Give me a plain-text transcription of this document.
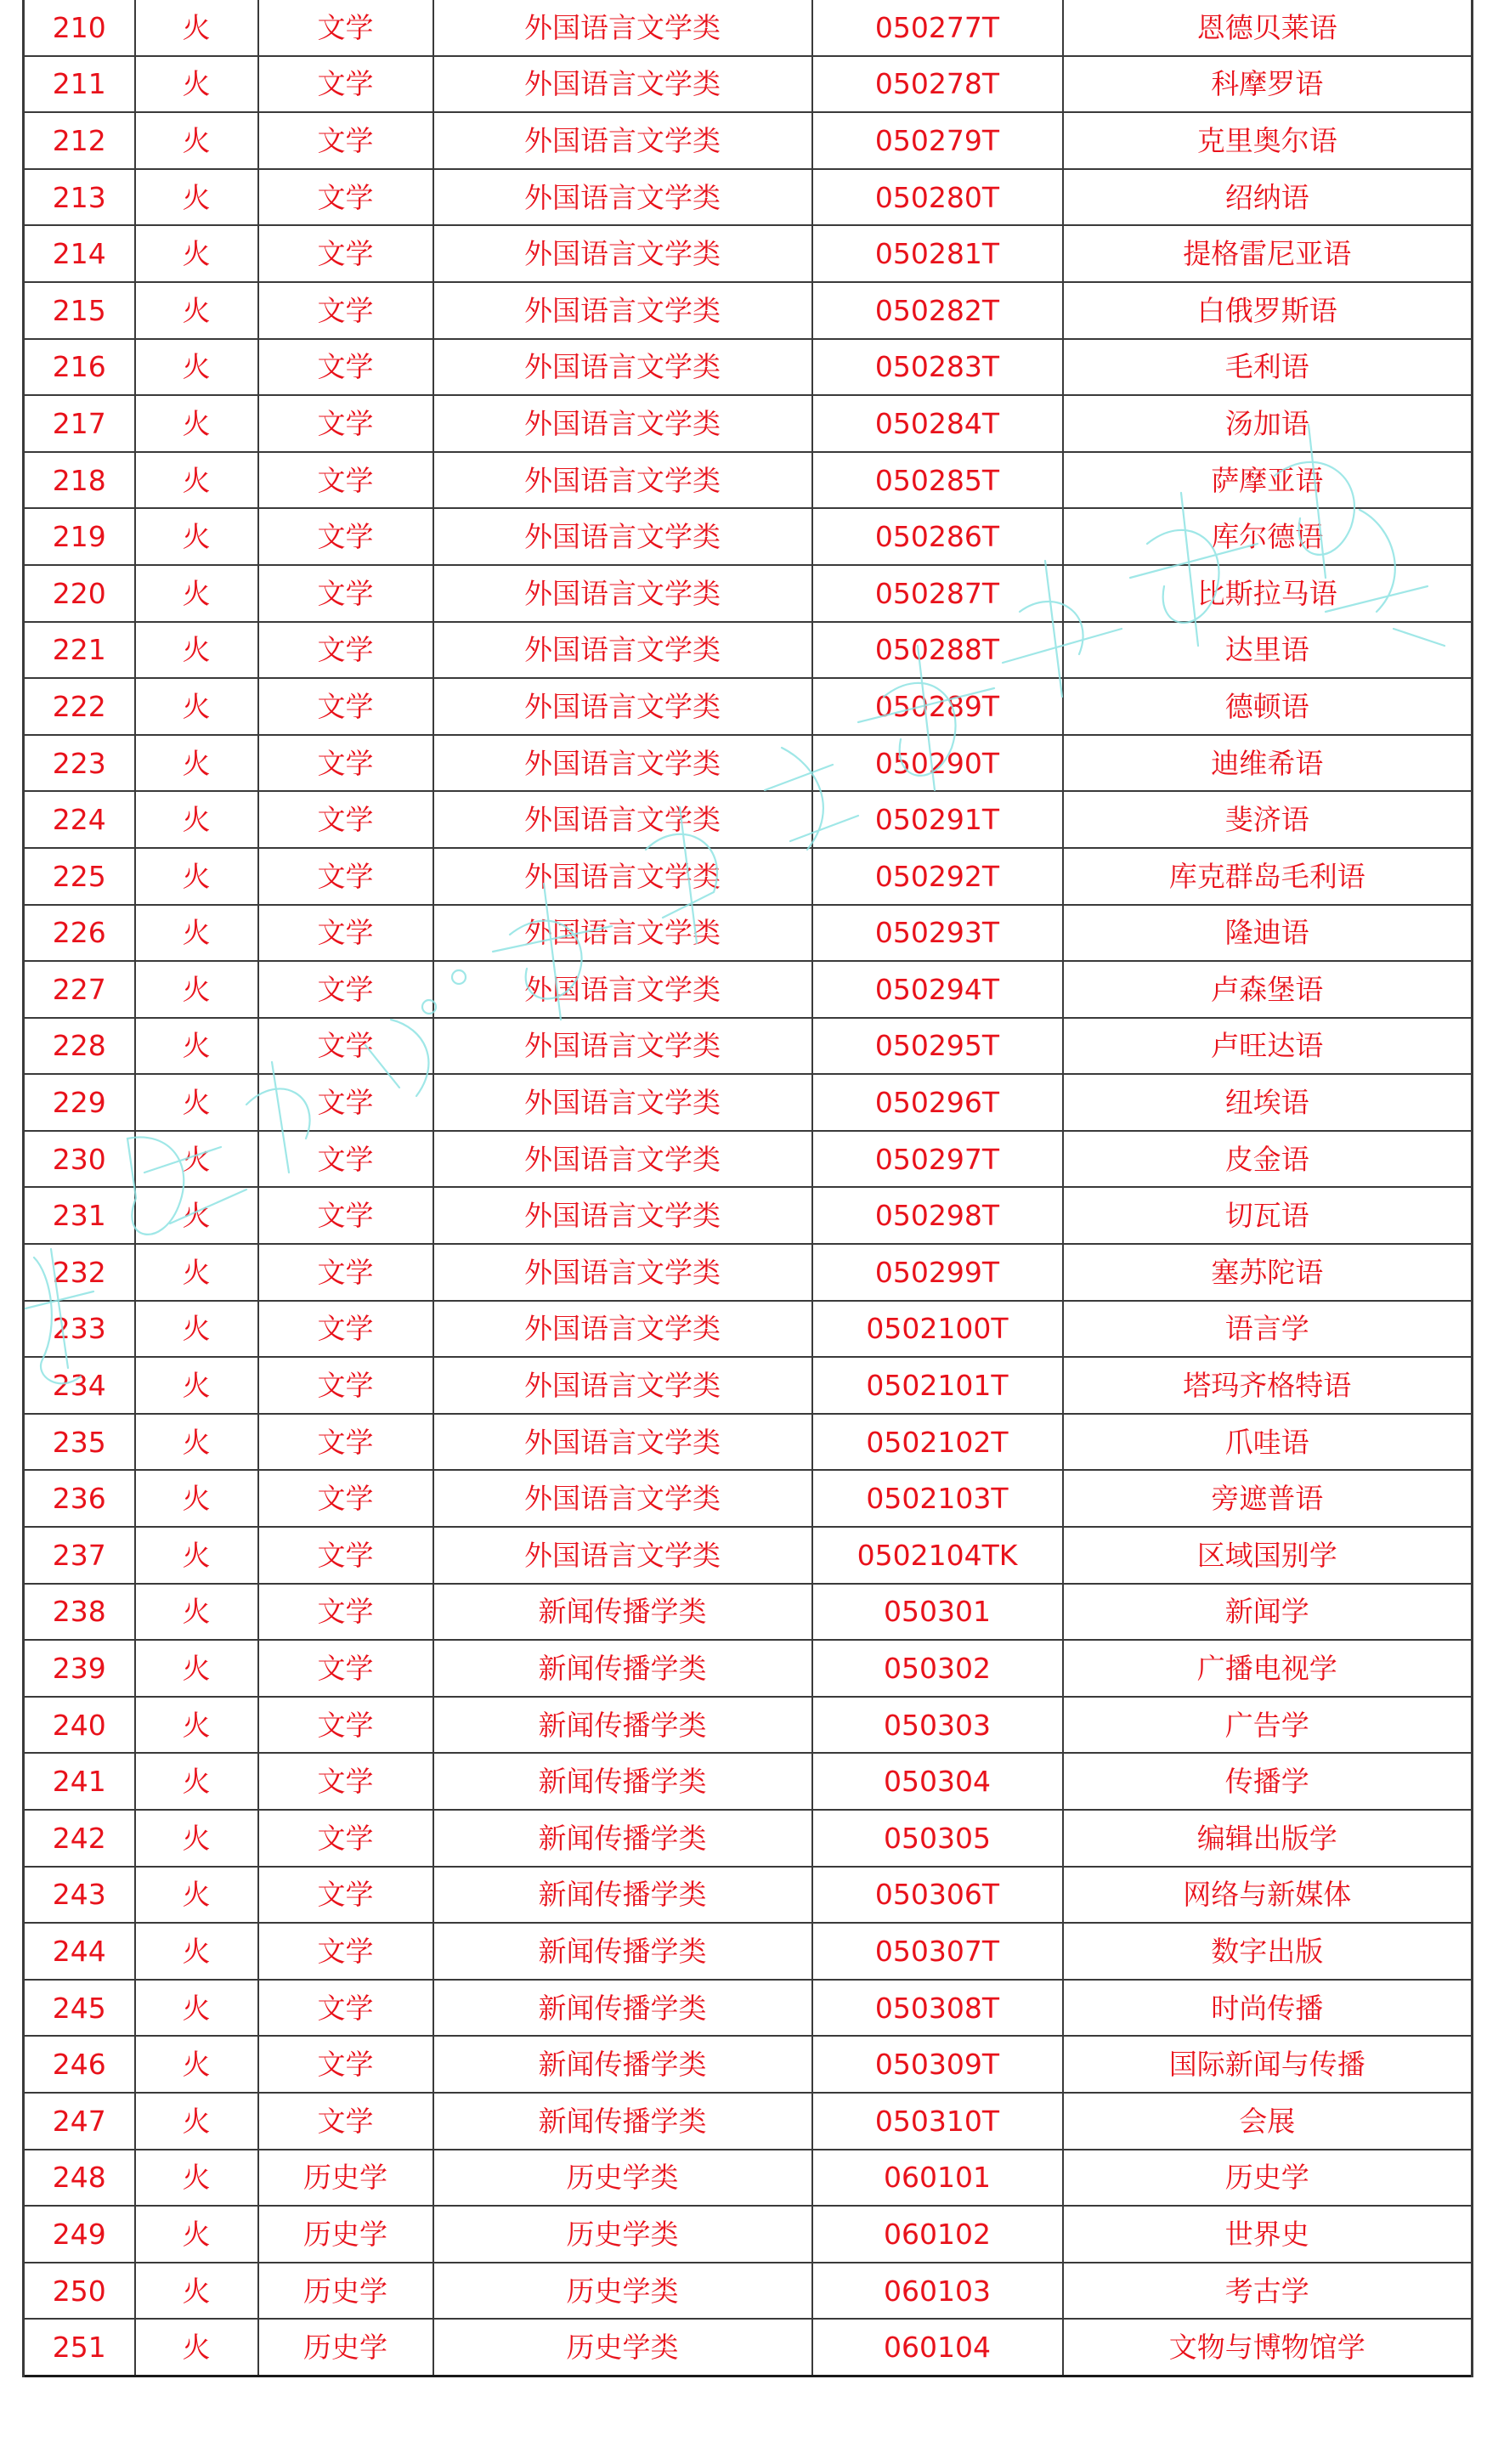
210	火	文学	外国语言文学类	050277T	恩德贝莱语
211	火	文学	外国语言文学类	050278T	科摩罗语
212	火	文学	外国语言文学类	050279T	克里奥尔语
213	火	文学	外国语言文学类	050280T	绍纳语
214	火	文学	外国语言文学类	050281T	提格雷尼亚语
215	火	文学	外国语言文学类	050282T	白俄罗斯语
216	火	文学	外国语言文学类	050283T	毛利语
217	火	文学	外国语言文学类	050284T	汤加语
218	火	文学	外国语言文学类	050285T	萨摩亚语
219	火	文学	外国语言文学类	050286T	库尔德语
220	火	文学	外国语言文学类	050287T	比斯拉马语
221	火	文学	外国语言文学类	050288T	达里语
222	火	文学	外国语言文学类	050289T	德顿语
223	火	文学	外国语言文学类	050290T	迪维希语
224	火	文学	外国语言文学类	050291T	斐济语
225	火	文学	外国语言文学类	050292T	库克群岛毛利语
226	火	文学	外国语言文学类	050293T	隆迪语
227	火	文学	外国语言文学类	050294T	卢森堡语
228	火	文学	外国语言文学类	050295T	卢旺达语
229	火	文学	外国语言文学类	050296T	纽埃语
230	火	文学	外国语言文学类	050297T	皮金语
231	火	文学	外国语言文学类	050298T	切瓦语
232	火	文学	外国语言文学类	050299T	塞苏陀语
233	火	文学	外国语言文学类	0502100T	语言学
234	火	文学	外国语言文学类	0502101T	塔玛齐格特语
235	火	文学	外国语言文学类	0502102T	爪哇语
236	火	文学	外国语言文学类	0502103T	旁遮普语
237	火	文学	外国语言文学类	0502104TK	区域国别学
238	火	文学	新闻传播学类	050301	新闻学
239	火	文学	新闻传播学类	050302	广播电视学
240	火	文学	新闻传播学类	050303	广告学
241	火	文学	新闻传播学类	050304	传播学
242	火	文学	新闻传播学类	050305	编辑出版学
243	火	文学	新闻传播学类	050306T	网络与新媒体
244	火	文学	新闻传播学类	050307T	数字出版
245	火	文学	新闻传播学类	050308T	时尚传播
246	火	文学	新闻传播学类	050309T	国际新闻与传播
247	火	文学	新闻传播学类	050310T	会展
248	火	历史学	历史学类	060101	历史学
249	火	历史学	历史学类	060102	世界史
250	火	历史学	历史学类	060103	考古学
251	火	历史学	历史学类	060104	文物与博物馆学
